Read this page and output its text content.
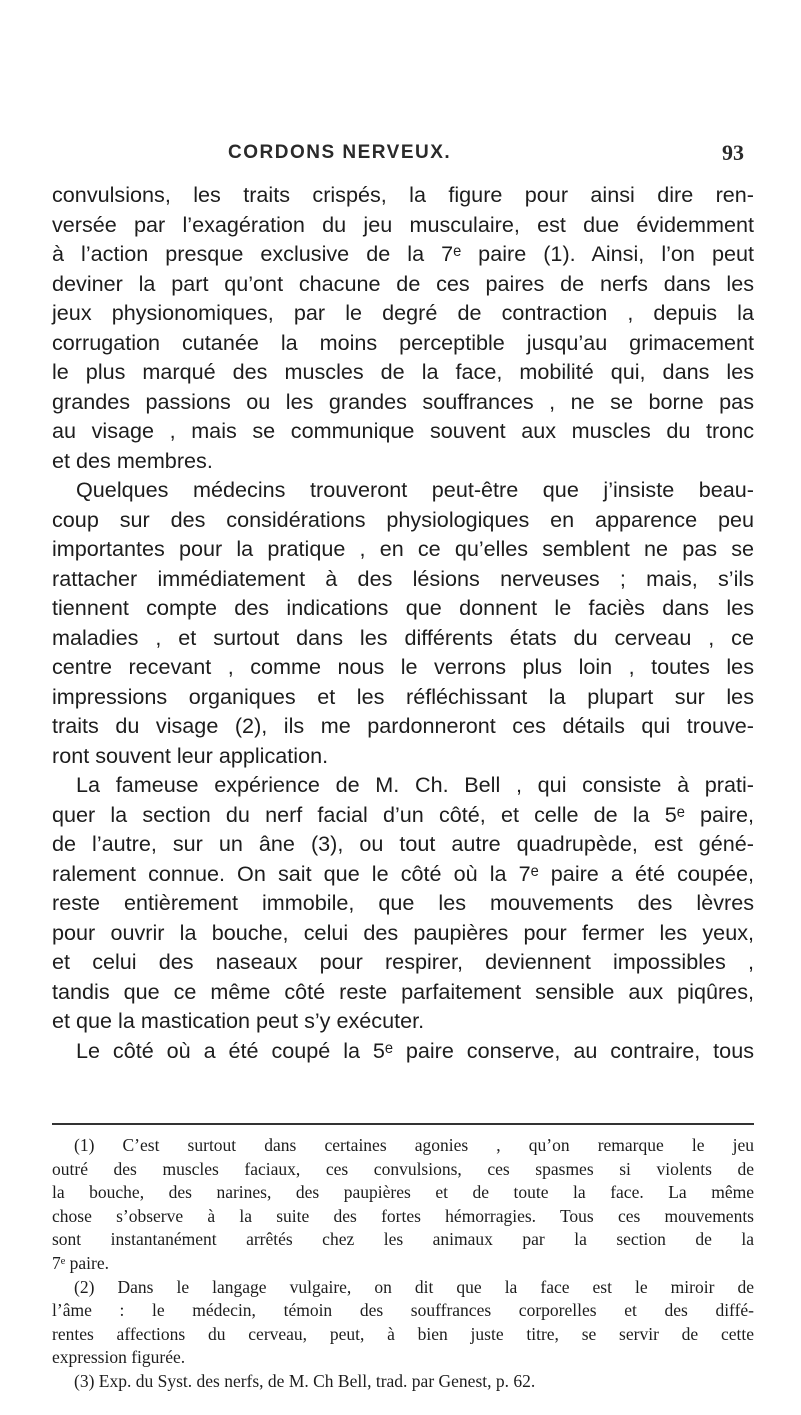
CORDONS NERVEUX.	93
convulsions, les traits crispés, la figure pour ainsi dire ren-
versée par l’exagération du jeu musculaire, est due évidemment
à l’action presque exclusive de la 7ᵉ paire (1). Ainsi, l’on peut
deviner la part qu’ont chacune de ces paires de nerfs dans les
jeux physionomiques, par le degré de contraction , depuis la
corrugation cutanée la moins perceptible jusqu’au grimacement
le plus marqué des muscles de la face, mobilité qui, dans les
grandes passions ou les grandes souffrances , ne se borne pas
au visage , mais se communique souvent aux muscles du tronc
et des membres.
Quelques médecins trouveront peut-être que j’insiste beau-
coup sur des considérations physiologiques en apparence peu
importantes pour la pratique , en ce qu’elles semblent ne pas se
rattacher immédiatement à des lésions nerveuses ; mais, s’ils
tiennent compte des indications que donnent le faciès dans les
maladies , et surtout dans les différents états du cerveau , ce
centre recevant , comme nous le verrons plus loin , toutes les
impressions organiques et les réfléchissant la plupart sur les
traits du visage (2), ils me pardonneront ces détails qui trouve-
ront souvent leur application.
La fameuse expérience de M. Ch. Bell , qui consiste à prati-
quer la section du nerf facial d’un côté, et celle de la 5ᵉ paire,
de l’autre, sur un âne (3), ou tout autre quadrupède, est géné-
ralement connue. On sait que le côté où la 7ᵉ paire a été coupée,
reste entièrement immobile, que les mouvements des lèvres
pour ouvrir la bouche, celui des paupières pour fermer les yeux,
et celui des naseaux pour respirer, deviennent impossibles ,
tandis que ce même côté reste parfaitement sensible aux piqûres,
et que la mastication peut s’y exécuter.
Le côté où a été coupé la 5ᵉ paire conserve, au contraire, tous
(1) C’est surtout dans certaines agonies , qu’on remarque le jeu
outré des muscles faciaux, ces convulsions, ces spasmes si violents de
la bouche, des narines, des paupières et de toute la face. La même
chose s’observe à la suite des fortes hémorragies. Tous ces mouvements
sont instantanément arrêtés chez les animaux par la section de la
7ᵉ paire.
(2) Dans le langage vulgaire, on dit que la face est le miroir de
l’âme : le médecin, témoin des souffrances corporelles et des diffé-
rentes affections du cerveau, peut, à bien juste titre, se servir de cette
expression figurée.
(3) Exp. du Syst. des nerfs, de M. Ch Bell, trad. par Genest, p. 62.
